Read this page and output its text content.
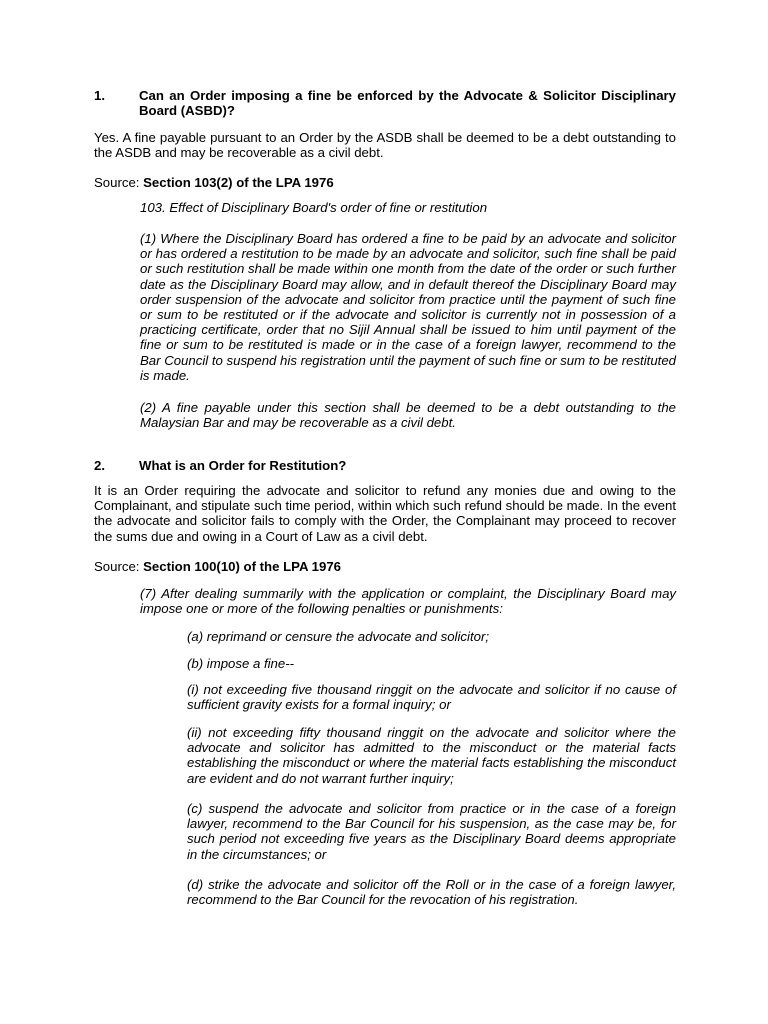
1.	Can an Order imposing a fine be enforced by the Advocate & Solicitor Disciplinary Board (ASBD)?
Yes. A fine payable pursuant to an Order by the ASDB shall be deemed to be a debt outstanding to the ASDB and may be recoverable as a civil debt.
Source: Section 103(2) of the LPA 1976
103. Effect of Disciplinary Board's order of fine or restitution
(1) Where the Disciplinary Board has ordered a fine to be paid by an advocate and solicitor or has ordered a restitution to be made by an advocate and solicitor, such fine shall be paid or such restitution shall be made within one month from the date of the order or such further date as the Disciplinary Board may allow, and in default thereof the Disciplinary Board may order suspension of the advocate and solicitor from practice until the payment of such fine or sum to be restituted or if the advocate and solicitor is currently not in possession of a practicing certificate, order that no Sijil Annual shall be issued to him until payment of the fine or sum to be restituted is made or in the case of a foreign lawyer, recommend to the Bar Council to suspend his registration until the payment of such fine or sum to be restituted is made.
(2) A fine payable under this section shall be deemed to be a debt outstanding to the Malaysian Bar and may be recoverable as a civil debt.
2.	What is an Order for Restitution?
It is an Order requiring the advocate and solicitor to refund any monies due and owing to the Complainant, and stipulate such time period, within which such refund should be made. In the event the advocate and solicitor fails to comply with the Order, the Complainant may proceed to recover the sums due and owing in a Court of Law as a civil debt.
Source: Section 100(10) of the LPA 1976
(7) After dealing summarily with the application or complaint, the Disciplinary Board may impose one or more of the following penalties or punishments:
(a) reprimand or censure the advocate and solicitor;
(b) impose a fine--
(i) not exceeding five thousand ringgit on the advocate and solicitor if no cause of sufficient gravity exists for a formal inquiry; or
(ii) not exceeding fifty thousand ringgit on the advocate and solicitor where the advocate and solicitor has admitted to the misconduct or the material facts establishing the misconduct or where the material facts establishing the misconduct are evident and do not warrant further inquiry;
(c) suspend the advocate and solicitor from practice or in the case of a foreign lawyer, recommend to the Bar Council for his suspension, as the case may be, for such period not exceeding five years as the Disciplinary Board deems appropriate in the circumstances; or
(d) strike the advocate and solicitor off the Roll or in the case of a foreign lawyer, recommend to the Bar Council for the revocation of his registration.
